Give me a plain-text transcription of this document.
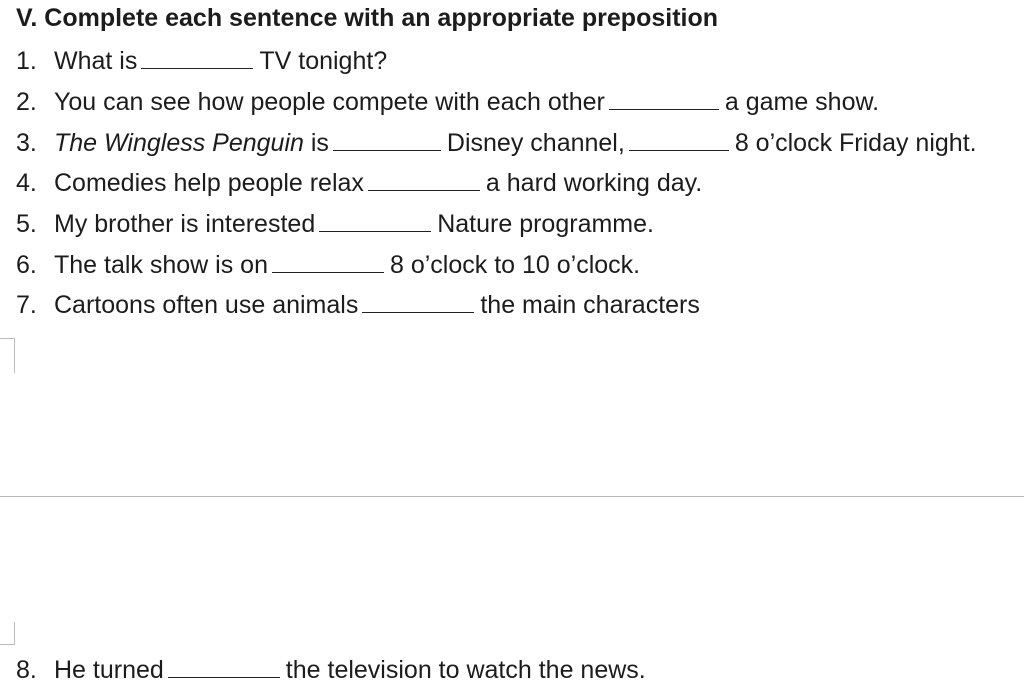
V. Complete each sentence with an appropriate preposition
1. What is	TV tonight?
2. You can see how people compete with each other	a game show.
3. The Wingless Penguin is	Disney channel,	8 o’clock Friday night.
4. Comedies help people relax	a hard working day.
5. My brother is interested	Nature programme.
6. The talk show is on	8 o’clock to 10 o’clock.
7. Cartoons often use animals	the main characters
8. He turned	the television to watch the news.
